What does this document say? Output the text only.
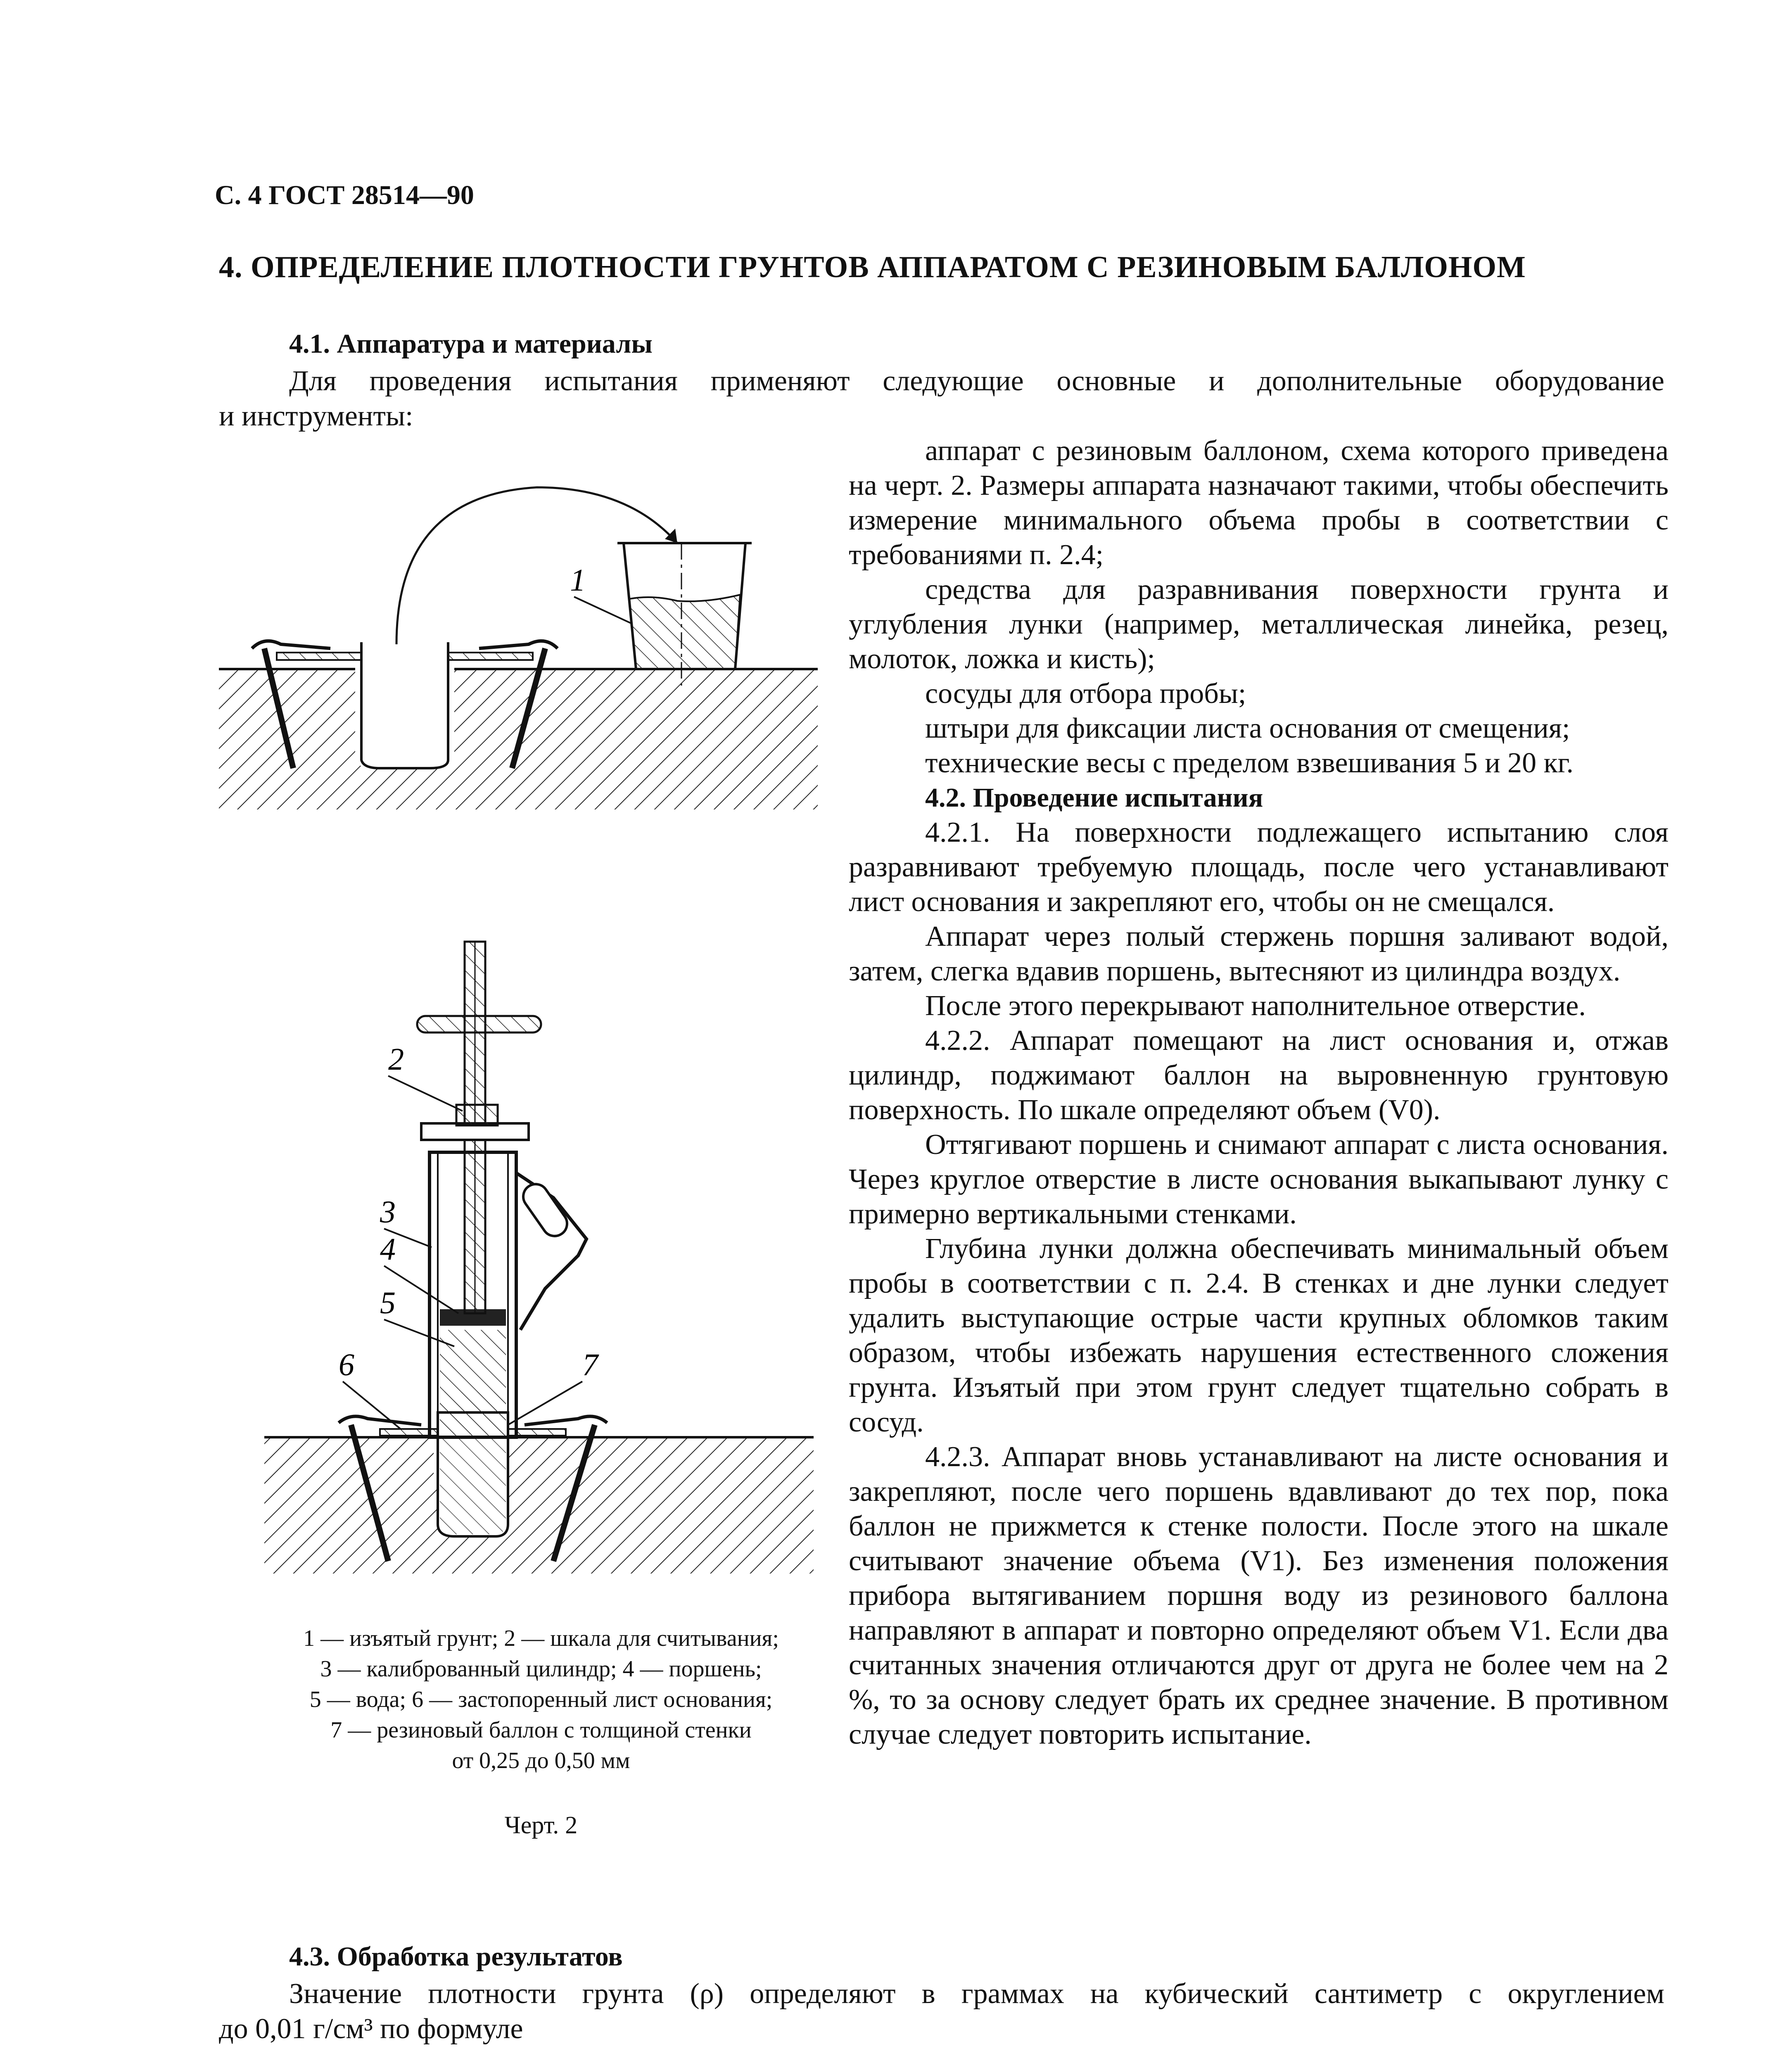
С. 4 ГОСТ 28514—90
4. ОПРЕДЕЛЕНИЕ ПЛОТНОСТИ ГРУНТОВ АППАРАТОМ С РЕЗИНОВЫМ БАЛЛОНОМ
4.1. Аппаратура и материалы
Для проведения испытания применяют следующие основные и дополнительные оборудование
и инструменты:

аппарат с резиновым баллоном, схема которого приведена на черт. 2. Размеры аппарата назначают такими, чтобы обеспечить измерение минимального объема пробы в соответствии с требованиями п. 2.4;

средства для разравнивания поверхности грунта и углубления лунки (например, металлическая линейка, резец, молоток, ложка и кисть);

сосуды для отбора пробы;

штыри для фиксации листа основания от смещения;

технические весы с пределом взвешивания 5 и 20 кг.

4.2. Проведение испытания

4.2.1. На поверхности подлежащего испытанию слоя разравнивают требуемую площадь, после чего устанавливают лист основания и закрепляют его, чтобы он не смещался.

Аппарат через полый стержень поршня заливают водой, затем, слегка вдавив поршень, вытесняют из цилиндра воздух.

После этого перекрывают наполнительное отверстие.

4.2.2. Аппарат помещают на лист основания и, отжав цилиндр, поджимают баллон на выровненную грунтовую поверхность. По шкале определяют объем (V0).

Оттягивают поршень и снимают аппарат с листа основания. Через круглое отверстие в листе основания выкапывают лунку с примерно вертикальными стенками.

Глубина лунки должна обеспечивать минимальный объем пробы в соответствии с п. 2.4. В стенках и дне лунки следует удалить выступающие острые части крупных обломков таким образом, чтобы избежать нарушения естественного сложения грунта. Изъятый при этом грунт следует тщательно собрать в сосуд.

4.2.3. Аппарат вновь устанавливают на листе основания и закрепляют, после чего поршень вдавливают до тех пор, пока баллон не прижмется к стенке полости. После этого на шкале считывают значение объема (V1). Без изменения положения прибора вытягиванием поршня воду из резинового баллона направляют в аппарат и повторно определяют объем V1. Если два считанных значения отличаются друг от друга не более чем на 2 %, то за основу следует брать их среднее значение. В противном случае следует повторить испытание.

1
2
3
4
5
6	7
1 — изъятый грунт; 2 — шкала для считывания;
3 — калиброванный цилиндр; 4 — поршень;
5 — вода; 6 — застопоренный лист основания;
7 — резиновый баллон с толщиной стенки
от 0,25 до 0,50 мм
Черт. 2
4.3. Обработка результатов
Значение плотности грунта (ρ) определяют в граммах на кубический сантиметр с округлением
до 0,01 г/см³ по формуле
